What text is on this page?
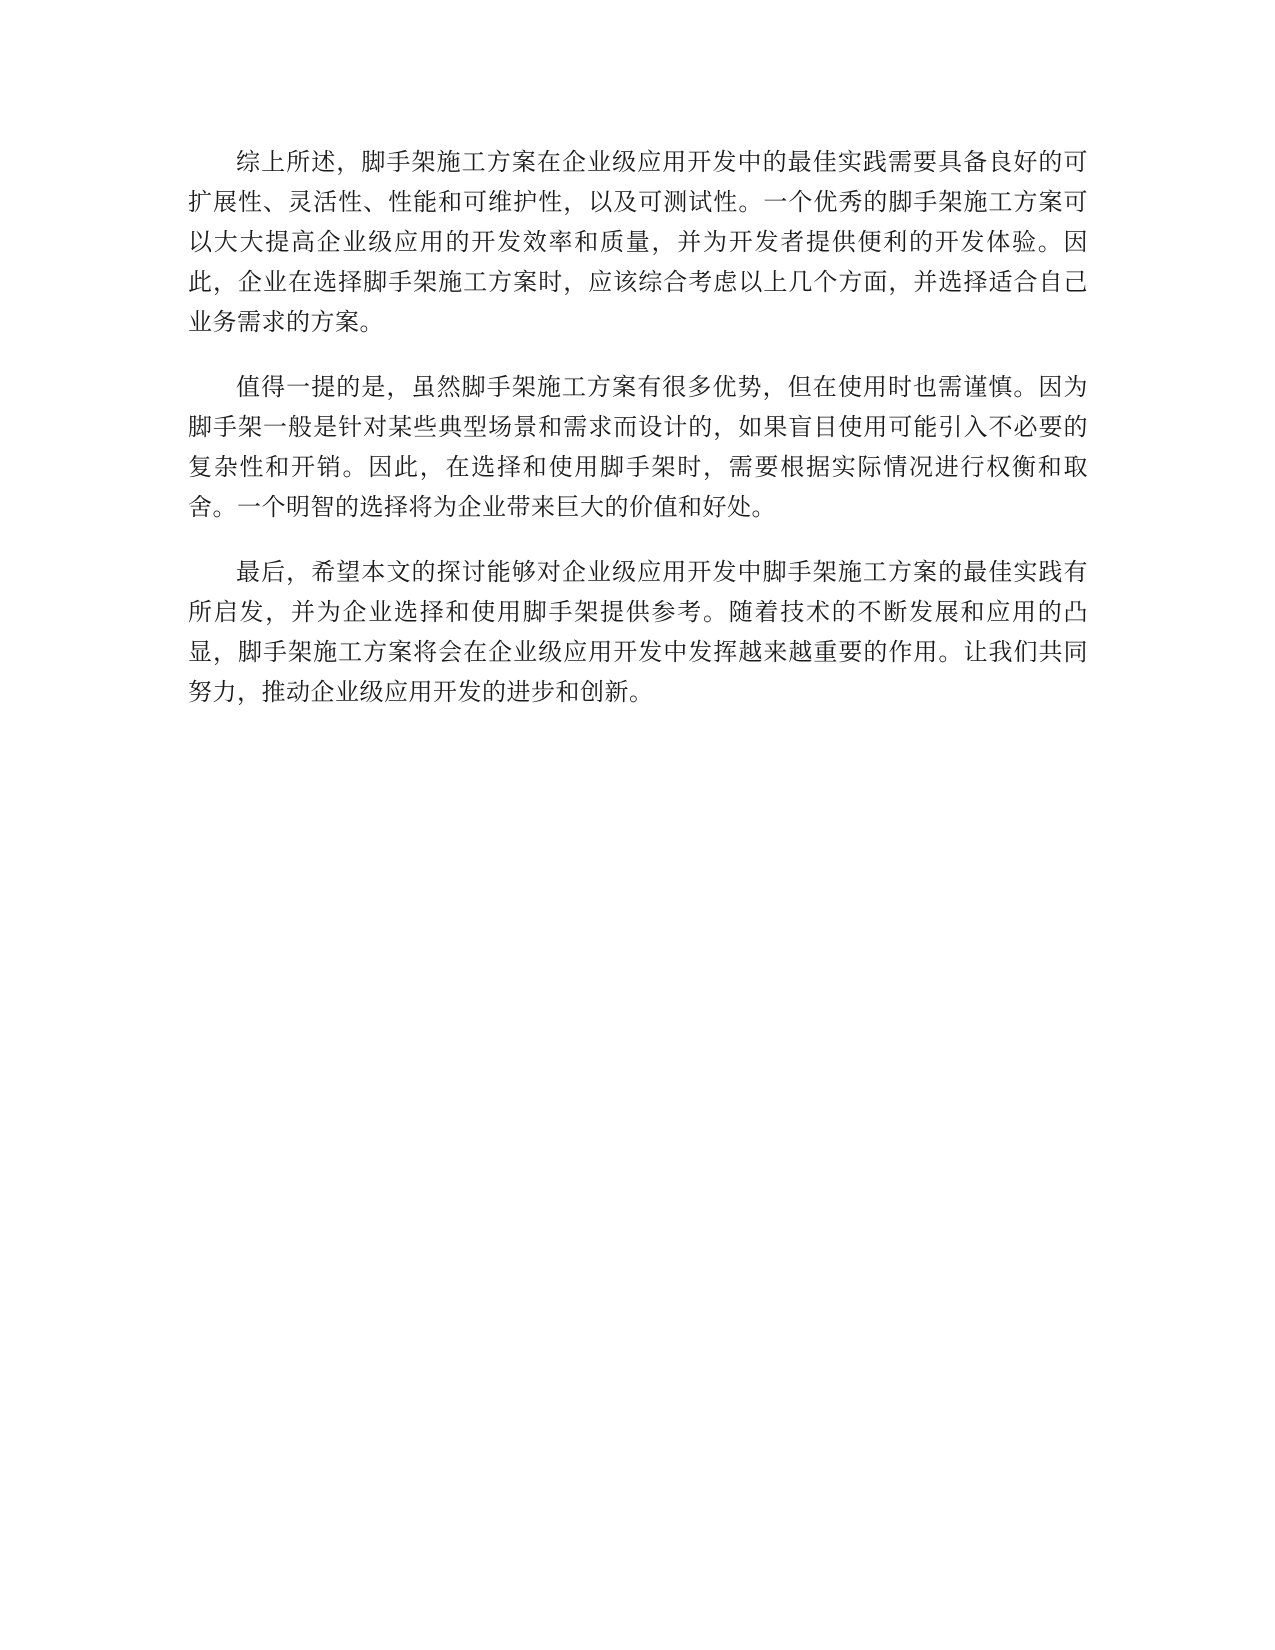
综上所述，脚手架施工方案在企业级应用开发中的最佳实践需要具备良好的可扩展性、灵活性、性能和可维护性，以及可测试性。一个优秀的脚手架施工方案可以大大提高企业级应用的开发效率和质量，并为开发者提供便利的开发体验。因此，企业在选择脚手架施工方案时，应该综合考虑以上几个方面，并选择适合自己业务需求的方案。

值得一提的是，虽然脚手架施工方案有很多优势，但在使用时也需谨慎。因为脚手架一般是针对某些典型场景和需求而设计的，如果盲目使用可能引入不必要的复杂性和开销。因此，在选择和使用脚手架时，需要根据实际情况进行权衡和取舍。一个明智的选择将为企业带来巨大的价值和好处。

最后，希望本文的探讨能够对企业级应用开发中脚手架施工方案的最佳实践有所启发，并为企业选择和使用脚手架提供参考。随着技术的不断发展和应用的凸显，脚手架施工方案将会在企业级应用开发中发挥越来越重要的作用。让我们共同努力，推动企业级应用开发的进步和创新。
